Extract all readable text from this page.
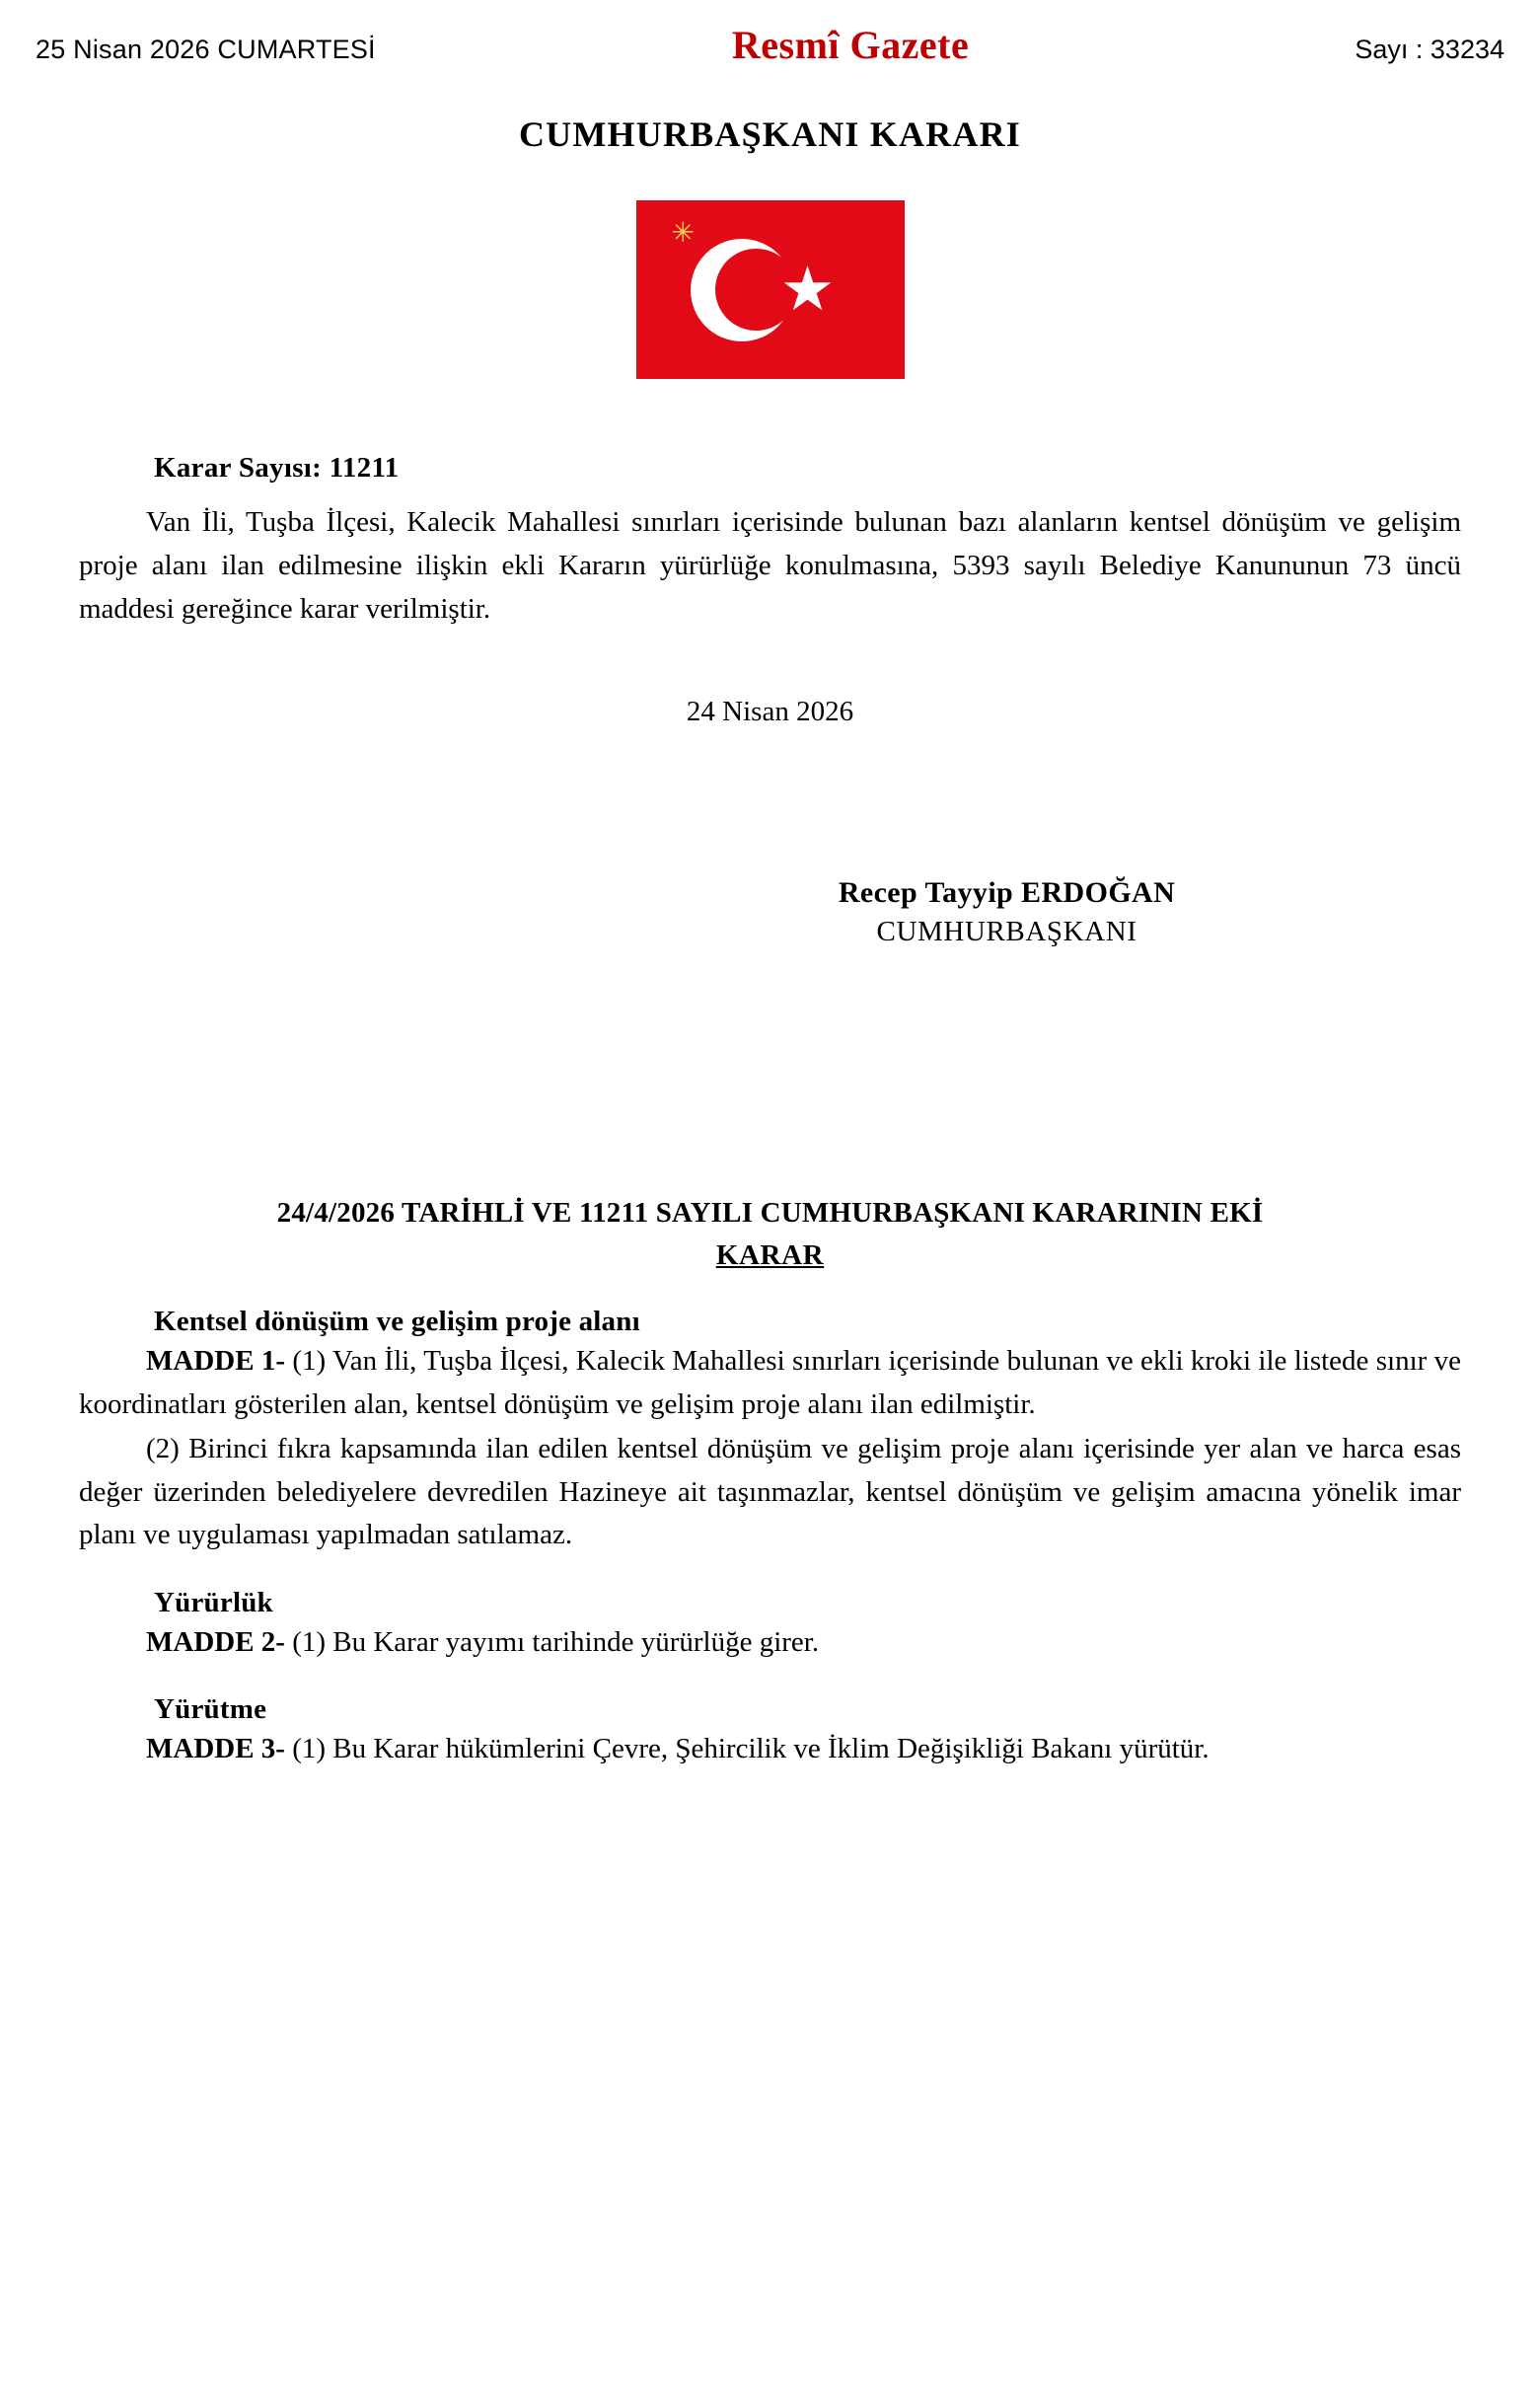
25 Nisan 2026 CUMARTESİ	Resmî Gazete	Sayı : 33234
CUMHURBAŞKANI KARARI
✳
★
Karar Sayısı: 11211

Van İli, Tuşba İlçesi, Kalecik Mahallesi sınırları içerisinde bulunan bazı alanların kentsel dönüşüm ve gelişim proje alanı ilan edilmesine ilişkin ekli Kararın yürürlüğe konulmasına, 5393 sayılı Belediye Kanununun 73 üncü maddesi gereğince karar verilmiştir.

24 Nisan 2026
Recep Tayyip ERDOĞAN
CUMHURBAŞKANI
24/4/2026 TARİHLİ VE 11211 SAYILI CUMHURBAŞKANI KARARININ EKİ
KARAR
Kentsel dönüşüm ve gelişim proje alanı

MADDE 1- (1) Van İli, Tuşba İlçesi, Kalecik Mahallesi sınırları içerisinde bulunan ve ekli kroki ile listede sınır ve koordinatları gösterilen alan, kentsel dönüşüm ve gelişim proje alanı ilan edilmiştir.

(2) Birinci fıkra kapsamında ilan edilen kentsel dönüşüm ve gelişim proje alanı içerisinde yer alan ve harca esas değer üzerinden belediyelere devredilen Hazineye ait taşınmazlar, kentsel dönüşüm ve gelişim amacına yönelik imar planı ve uygulaması yapılmadan satılamaz.

Yürürlük

MADDE 2- (1) Bu Karar yayımı tarihinde yürürlüğe girer.

Yürütme

MADDE 3- (1) Bu Karar hükümlerini Çevre, Şehircilik ve İklim Değişikliği Bakanı yürütür.
